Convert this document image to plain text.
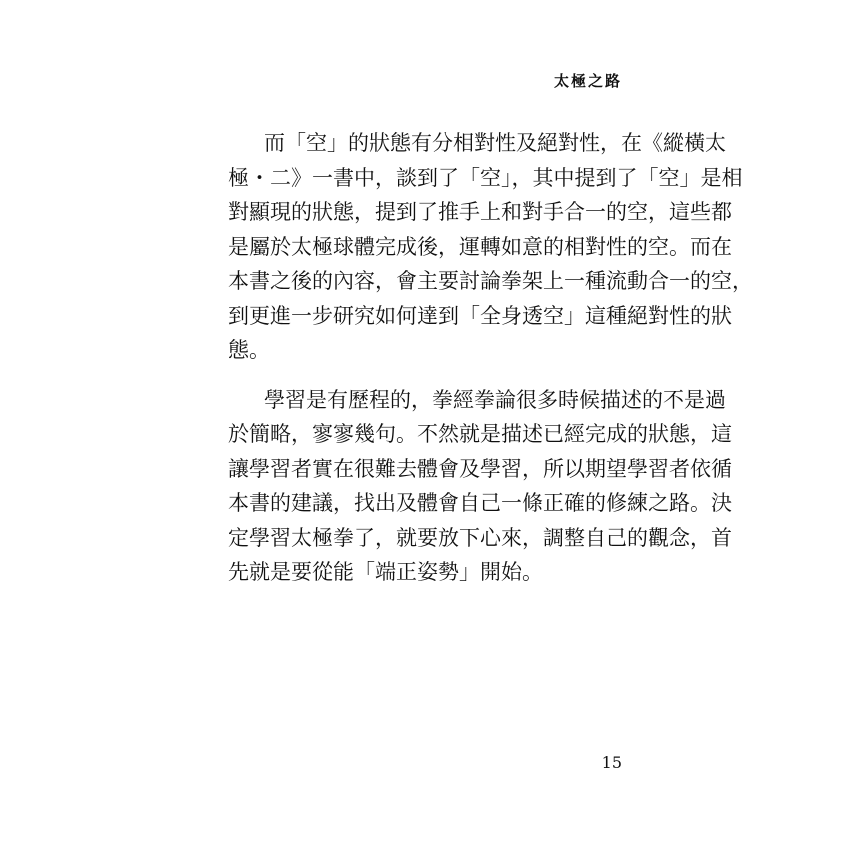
太極之路

而「空」的狀態有分相對性及絕對性，在《縱橫太
極・二》一書中，談到了「空」，其中提到了「空」是相
對顯現的狀態，提到了推手上和對手合一的空，這些都
是屬於太極球體完成後，運轉如意的相對性的空。而在
本書之後的內容，會主要討論拳架上一種流動合一的空，
到更進一步研究如何達到「全身透空」這種絕對性的狀
態。

學習是有歷程的，拳經拳論很多時候描述的不是過
於簡略，寥寥幾句。不然就是描述已經完成的狀態，這
讓學習者實在很難去體會及學習，所以期望學習者依循
本書的建議，找出及體會自己一條正確的修練之路。決
定學習太極拳了，就要放下心來，調整自己的觀念，首
先就是要從能「端正姿勢」開始。

15
